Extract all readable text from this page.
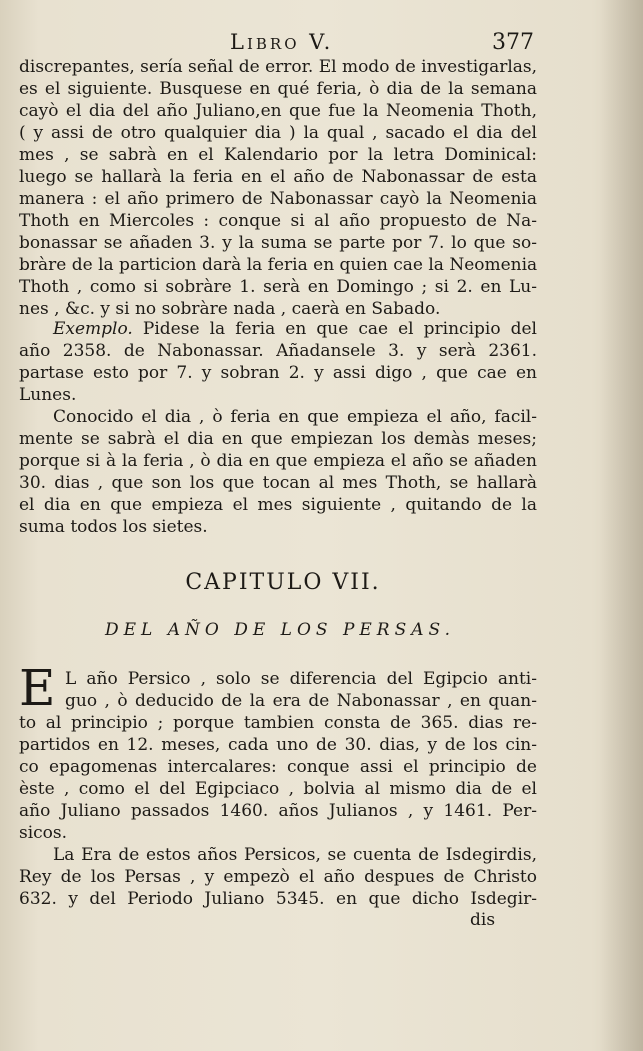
Libro V.	377
discrepantes, sería señal de error. El modo de investigarlas,
es el siguiente. Busquese en qué feria, ò dia de la semana
cayò el dia del año Juliano,en que fue la Neomenia Thoth,
( y assi de otro qualquier dia ) la qual , sacado el dia del
mes , se sabrà en el Kalendario por la letra Dominical:
luego se hallarà la feria en el año de Nabonassar de esta
manera : el año primero de Nabonassar cayò la Neomenia
Thoth en Miercoles : conque si al año propuesto de Na-
bonassar se añaden 3. y la suma se parte por 7. lo que so-
bràre de la particion darà la feria en quien cae la Neomenia
Thoth , como si sobràre 1. serà en Domingo ; si 2. en Lu-
nes , &c. y si no sobràre nada , caerà en Sabado.
Exemplo. Pidese la feria en que cae el principio del
año 2358. de Nabonassar. Añadansele 3. y serà 2361.
partase esto por 7. y sobran 2. y assi digo , que cae en
Lunes.
Conocido el dia , ò feria en que empieza el año, facil-
mente se sabrà el dia en que empiezan los demàs meses;
porque si à la feria , ò dia en que empieza el año se añaden
30. dias , que son los que tocan al mes Thoth, se hallarà
el dia en que empieza el mes siguiente , quitando de la
suma todos los sietes.
CAPITULO VII.
DEL AÑO DE LOS PERSAS.
E L año Persico , solo se diferencia del Egipcio anti-
guo , ò deducido de la era de Nabonassar , en quan-
to al principio ; porque tambien consta de 365. dias re-
partidos en 12. meses, cada uno de 30. dias, y de los cin-
co epagomenas intercalares: conque assi el principio de
èste , como el del Egipciaco , bolvia al mismo dia de el
año Juliano passados 1460. años Julianos , y 1461. Per-
sicos.
La Era de estos años Persicos, se cuenta de Isdegirdis,
Rey de los Persas , y empezò el año despues de Christo
632. y del Periodo Juliano 5345. en que dicho Isdegir-
dis
